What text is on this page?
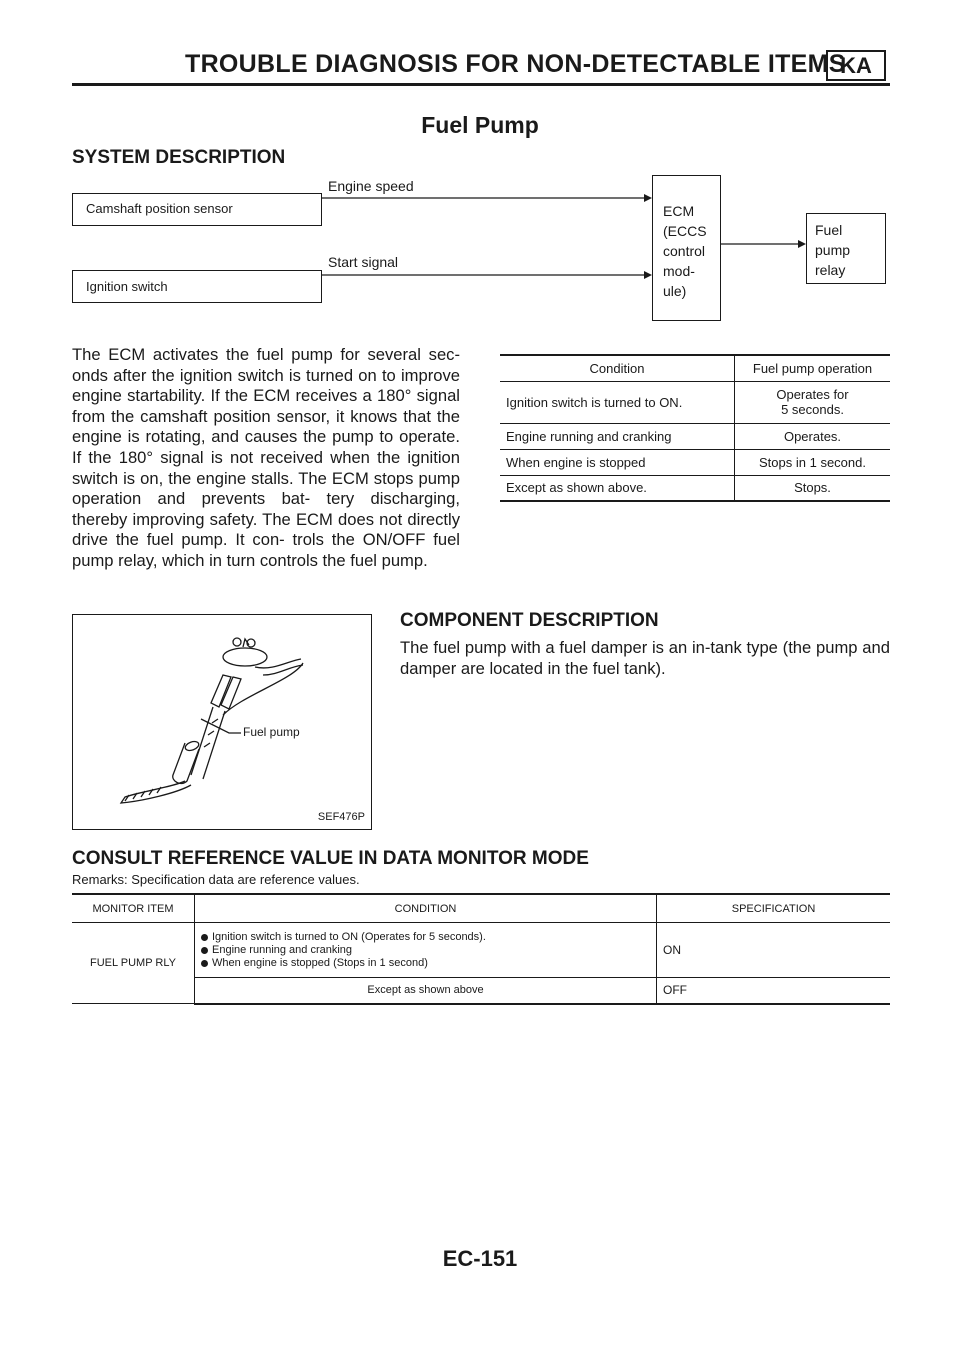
TROUBLE DIAGNOSIS FOR NON-DETECTABLE ITEMS
KA
Fuel Pump
SYSTEM DESCRIPTION
Engine speed
Camshaft position sensor
Start signal
Ignition switch
ECM
(ECCS
control
mod-
ule)
Fuel
pump
relay
The ECM activates the fuel pump for several sec- onds after the ignition switch is turned on to improve engine startability. If the ECM receives a 180° signal from the camshaft position sensor, it knows that the engine is rotating, and causes the pump to operate. If the 180° signal is not received when the ignition switch is on, the engine stalls. The ECM stops pump operation and prevents bat- tery discharging, thereby improving safety. The ECM does not directly drive the fuel pump. It con- trols the ON/OFF fuel pump relay, which in turn controls the fuel pump.
Condition	Fuel pump operation
Ignition switch is turned to ON.	Operates for
5 seconds.

Engine running and cranking	Operates.
When engine is stopped	Stops in 1 second.
Except as shown above.	Stops.
Fuel pump
SEF476P
COMPONENT DESCRIPTION
The fuel pump with a fuel damper is an in-tank type (the pump and damper are located in the fuel tank).
CONSULT REFERENCE VALUE IN DATA MONITOR MODE
Remarks: Specification data are reference values.
MONITOR ITEM	CONDITION	SPECIFICATION
FUEL PUMP RLY	Ignition switch is turned to ON (Operates for 5 seconds).
Engine running and cranking
When engine is stopped (Stops in 1 second)	ON
	Except as shown above	OFF
EC-151
